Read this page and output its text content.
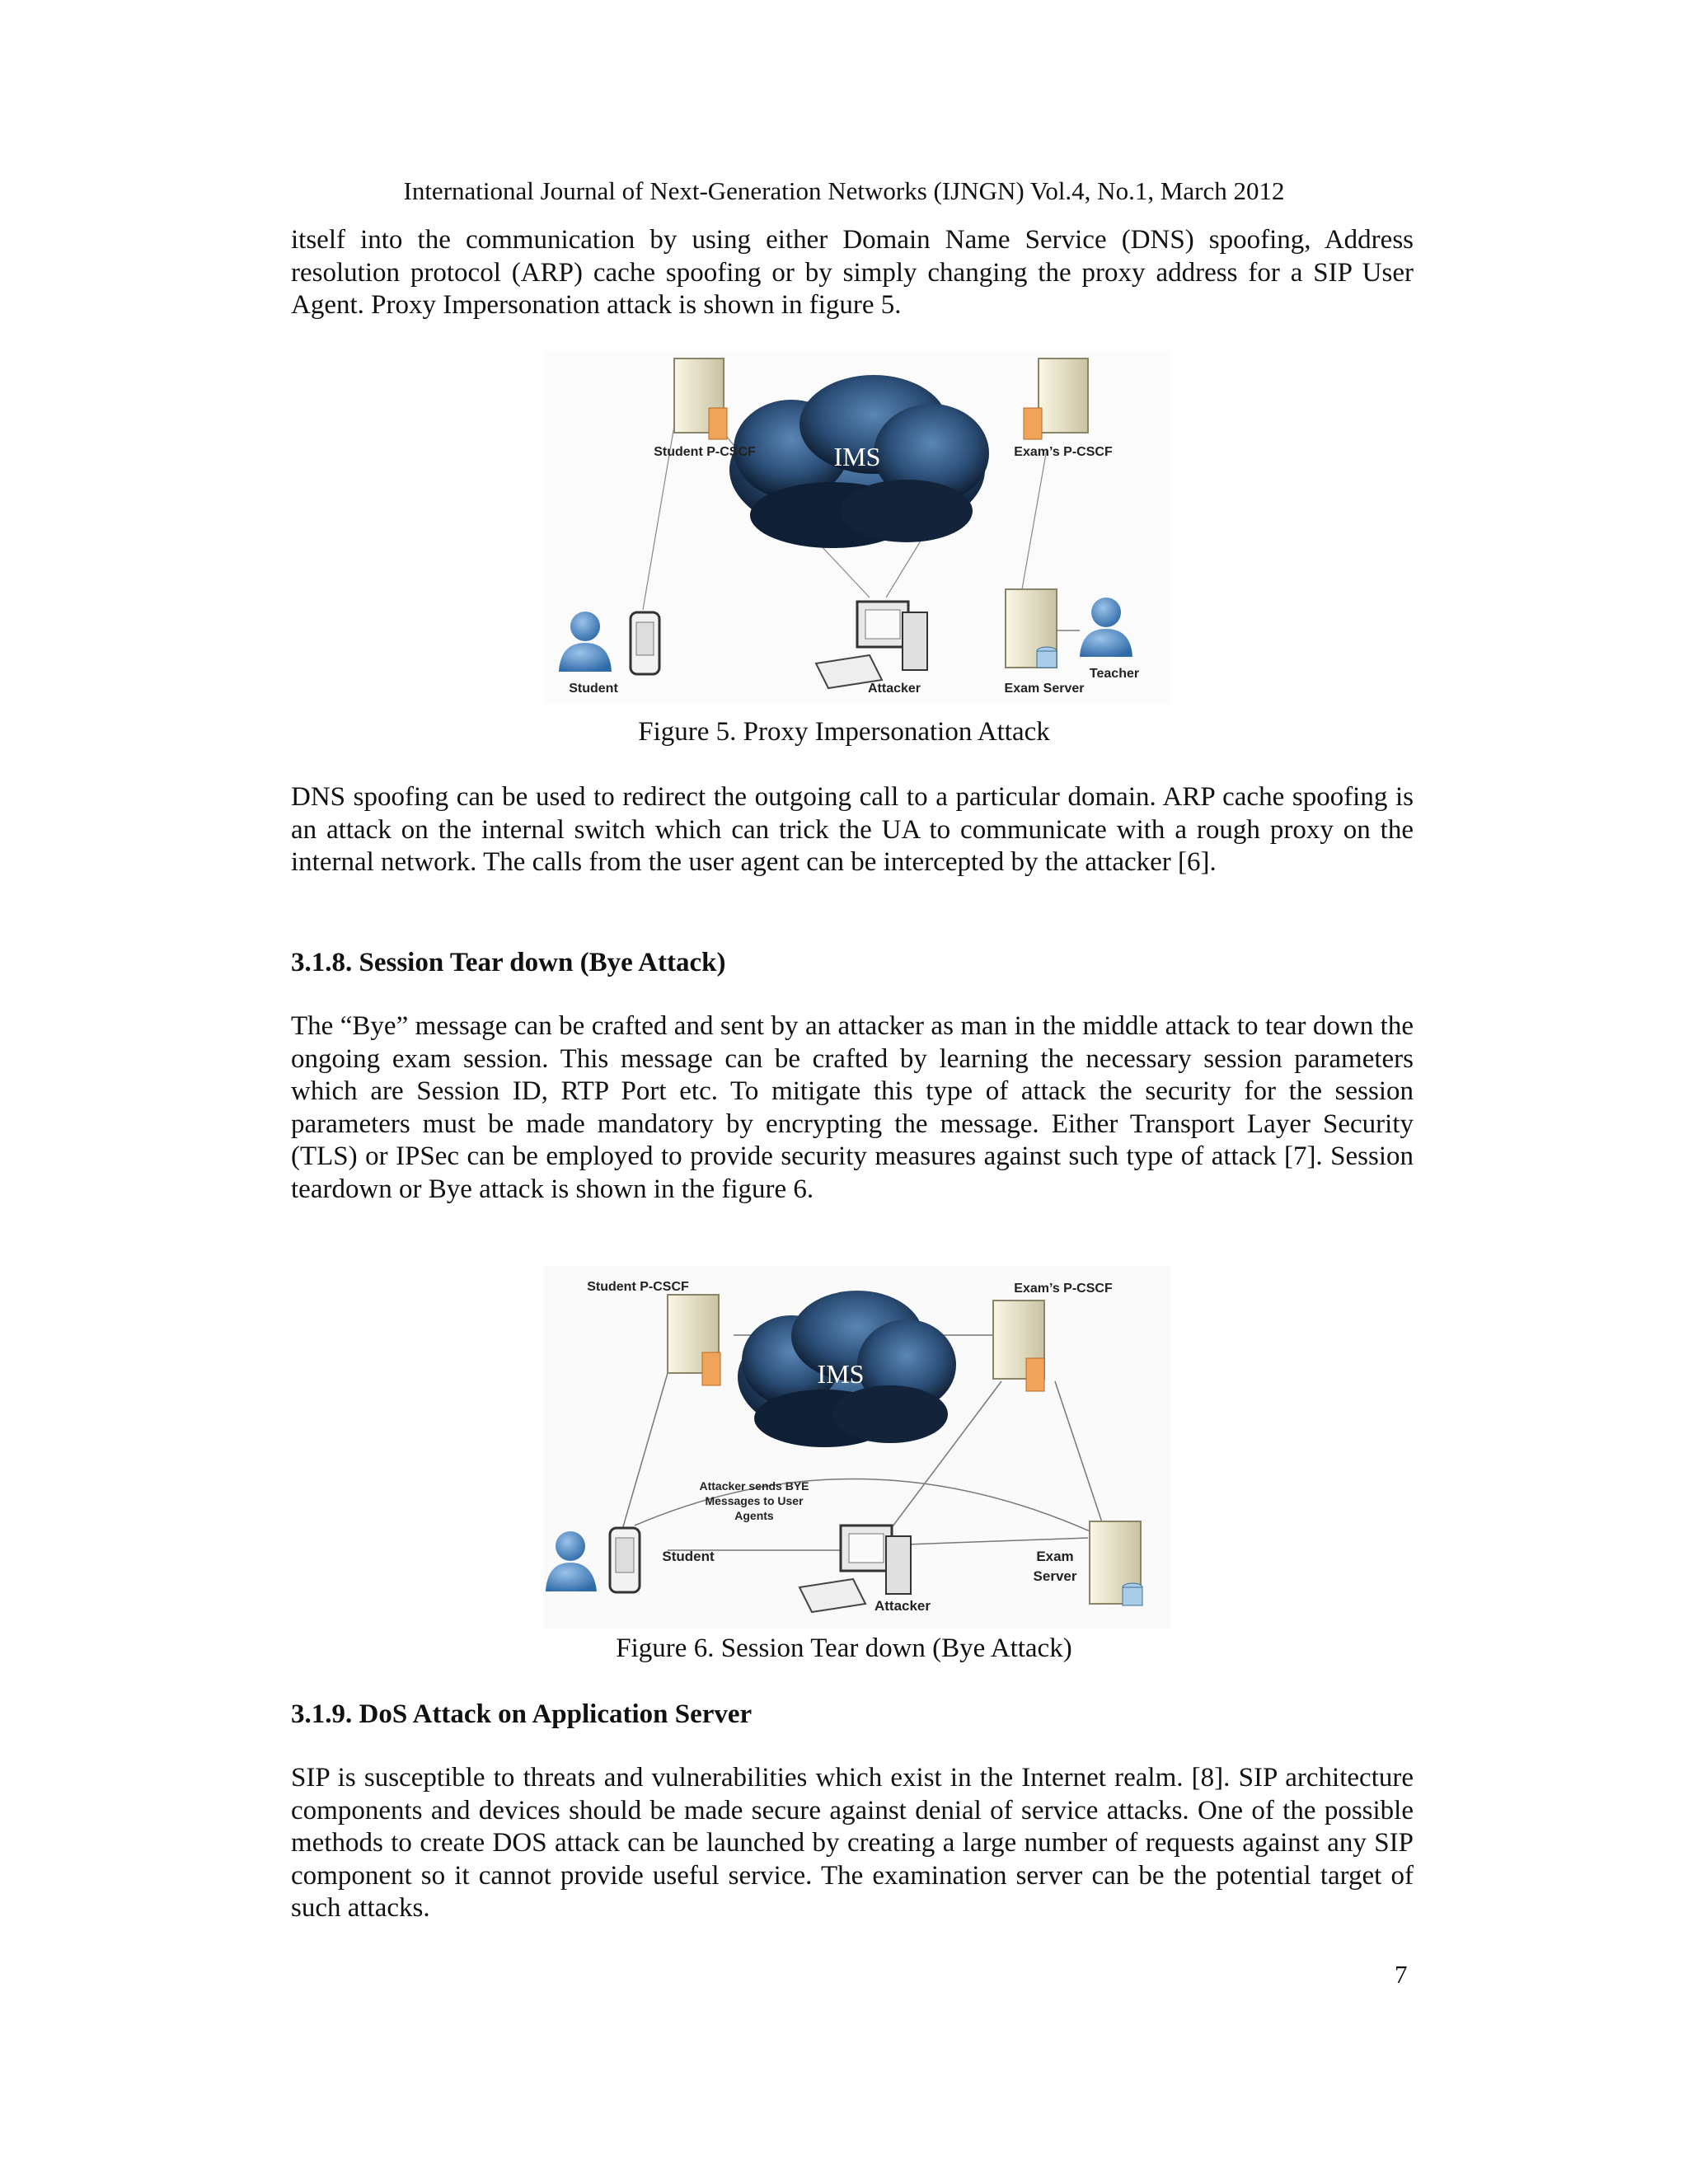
International Journal of Next-Generation Networks (IJNGN) Vol.4, No.1, March 2012

itself into the communication by using either Domain Name Service (DNS) spoofing, Address resolution protocol (ARP) cache spoofing or by simply changing the proxy address for a SIP User Agent. Proxy Impersonation attack is shown in figure 5.

IMS
Student P-CSCF	Exam’s P-CSCF
Student	Attacker	Exam Server
Teacher
Figure 5. Proxy Impersonation Attack

DNS spoofing can be used to redirect the outgoing call to a particular domain. ARP cache spoofing is an attack on the internal switch which can trick the UA to communicate with a rough proxy on the internal network. The calls from the user agent can be intercepted by the attacker [6].

3.1.8. Session Tear down (Bye Attack)

The “Bye” message can be crafted and sent by an attacker as man in the middle attack to tear down the ongoing exam session. This message can be crafted by learning the necessary session parameters which are Session ID, RTP Port etc. To mitigate this type of attack the security for the session parameters must be made mandatory by encrypting the message. Either Transport Layer Security (TLS) or IPSec can be employed to provide security measures against such type of attack [7]. Session teardown or Bye attack is shown in the figure 6.

IMS
Student P-CSCF	Exam’s P-CSCF
Attacker sends BYE
Messages to User
Agents
Student
Attacker
Exam
Server
Figure 6. Session Tear down (Bye Attack)
3.1.9. DoS Attack on Application Server

SIP is susceptible to threats and vulnerabilities which exist in the Internet realm. [8]. SIP architecture components and devices should be made secure against denial of service attacks. One of the possible methods to create DOS attack can be launched by creating a large number of requests against any SIP component so it cannot provide useful service. The examination server can be the potential target of such attacks.

7
